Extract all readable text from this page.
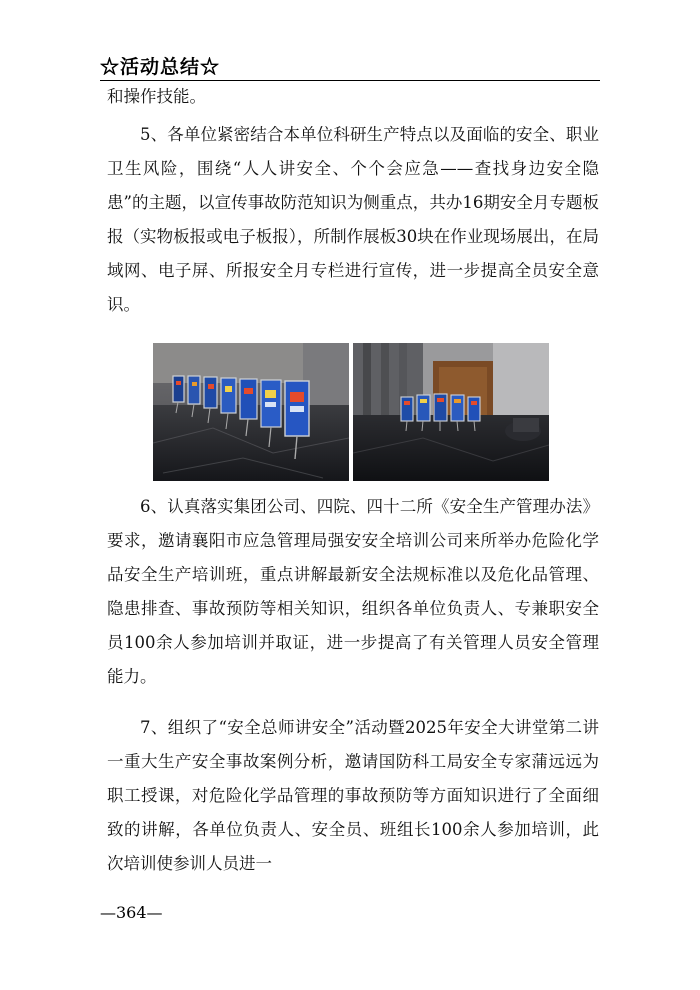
☆活动总结☆

和操作技能。

5、各单位紧密结合本单位科研生产特点以及面临的安全、职业卫生风险，围绕“人人讲安全、个个会应急——查找身边安全隐患”的主题，以宣传事故防范知识为侧重点，共办16期安全月专题板报（实物板报或电子板报），所制作展板30块在作业现场展出，在局域网、电子屏、所报安全月专栏进行宣传，进一步提高全员安全意识。

6、认真落实集团公司、四院、四十二所《安全生产管理办法》要求，邀请襄阳市应急管理局强安安全培训公司来所举办危险化学品安全生产培训班，重点讲解最新安全法规标准以及危化品管理、隐患排查、事故预防等相关知识，组织各单位负责人、专兼职安全员100余人参加培训并取证，进一步提高了有关管理人员安全管理能力。

7、组织了“安全总师讲安全”活动暨2025年安全大讲堂第二讲一重大生产安全事故案例分析，邀请国防科工局安全专家蒲远远为职工授课，对危险化学品管理的事故预防等方面知识进行了全面细致的讲解，各单位负责人、安全员、班组长100余人参加培训，此次培训使参训人员进一

—364—
